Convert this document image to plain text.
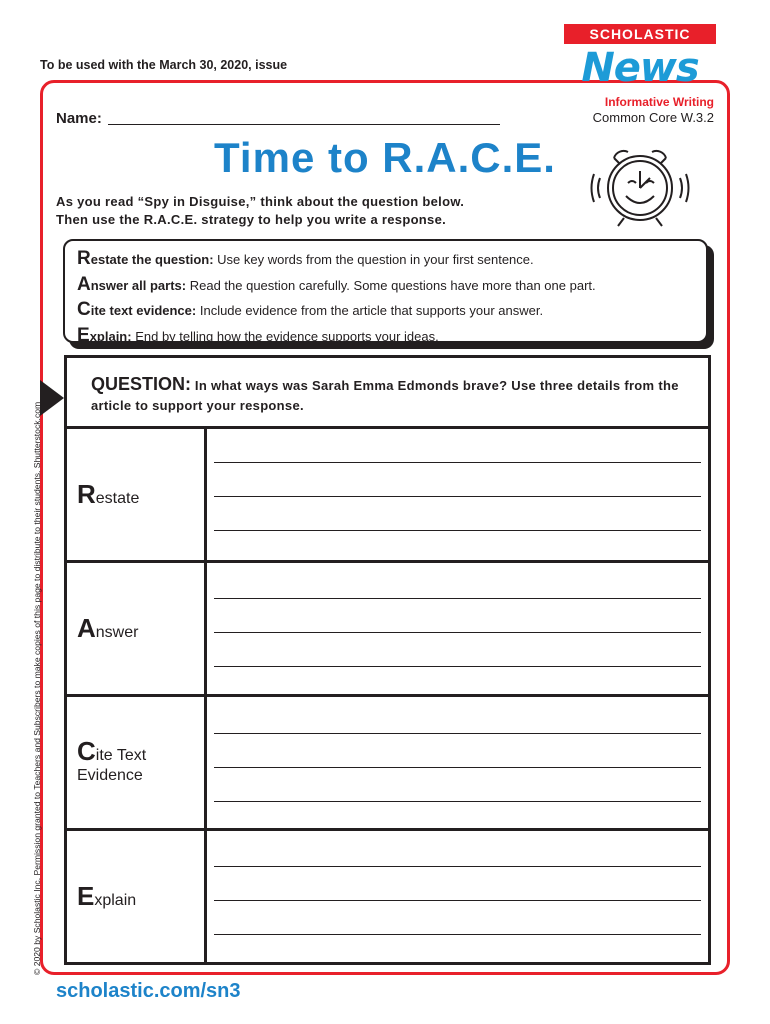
To be used with the March 30, 2020, issue
SCHOLASTIC
News
Name:
Informative Writing
Common Core W.3.2
Time to R.A.C.E.
As you read “Spy in Disguise,” think about the question below.
Then use the R.A.C.E. strategy to help you write a response.
Restate the question: Use key words from the question in your first sentence.
Answer all parts: Read the question carefully. Some questions have more than one part.
Cite text evidence: Include evidence from the article that supports your answer.
Explain: End by telling how the evidence supports your ideas.
QUESTION: In what ways was Sarah Emma Edmonds brave? Use three details from the article to support your response.
Restate
Answer
Cite Text
Evidence
Explain
© 2020 by Scholastic Inc. Permission granted to Teachers and Subscribers to make copies of this page to distribute to their students. Shutterstock.com
scholastic.com/sn3
